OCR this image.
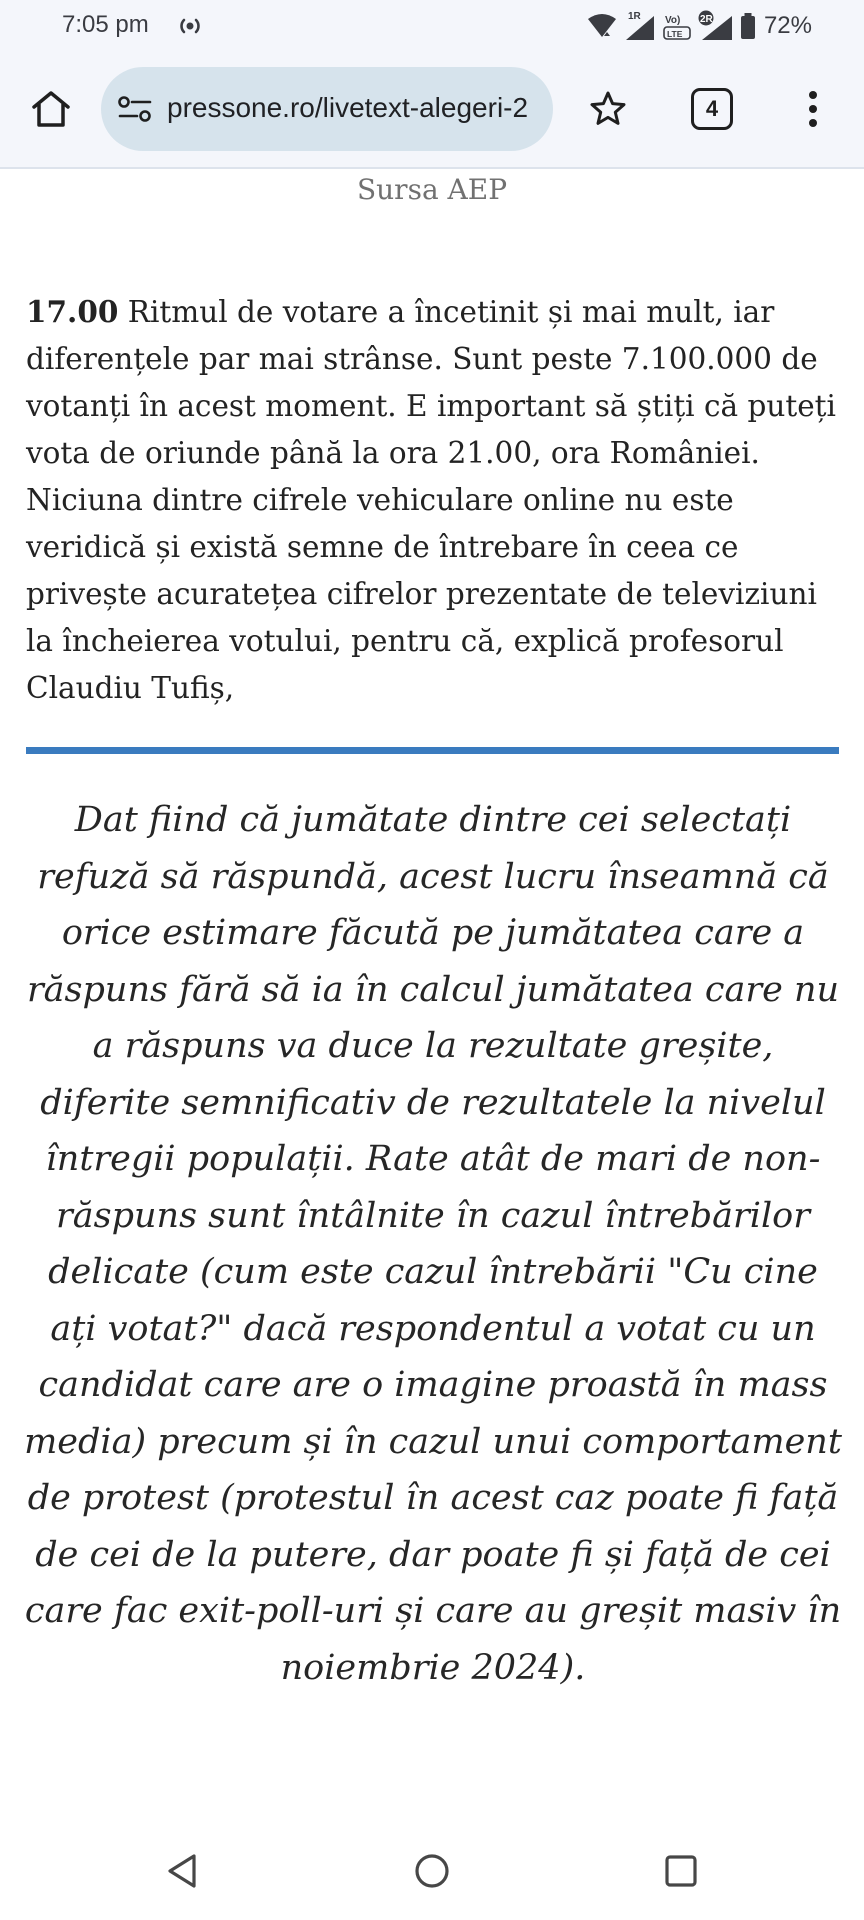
7:05 pm	1R Vo)
LTE
2R 72%
pressone.ro/livetext-alegeri-2	4
Sursa AEP

17.00 Ritmul de votare a încetinit și mai mult, iar diferențele par mai strânse. Sunt peste 7.100.000 de votanți în acest moment. E important să știți că puteți vota de oriunde până la ora 21.00, ora României. Niciuna dintre cifrele vehiculare online nu este veridică și există semne de întrebare în ceea ce privește acuratețea cifrelor prezentate de televiziuni la încheierea votului, pentru că, explică profesorul Claudiu Tufiș,

Dat fiind că jumătate dintre cei selectați refuză să răspundă, acest lucru înseamnă că orice estimare făcută pe jumătatea care a răspuns fără să ia în calcul jumătatea care nu a răspuns va duce la rezultate greșite, diferite semnificativ de rezultatele la nivelul întregii populații. Rate atât de mari de non-răspuns sunt întâlnite în cazul întrebărilor delicate (cum este cazul întrebării "Cu cine ați votat?" dacă respondentul a votat cu un candidat care are o imagine proastă în mass media) precum și în cazul unui comportament de protest (protestul în acest caz poate fi față de cei de la putere, dar poate fi și față de cei care fac exit-poll-uri și care au greșit masiv în noiembrie 2024).
